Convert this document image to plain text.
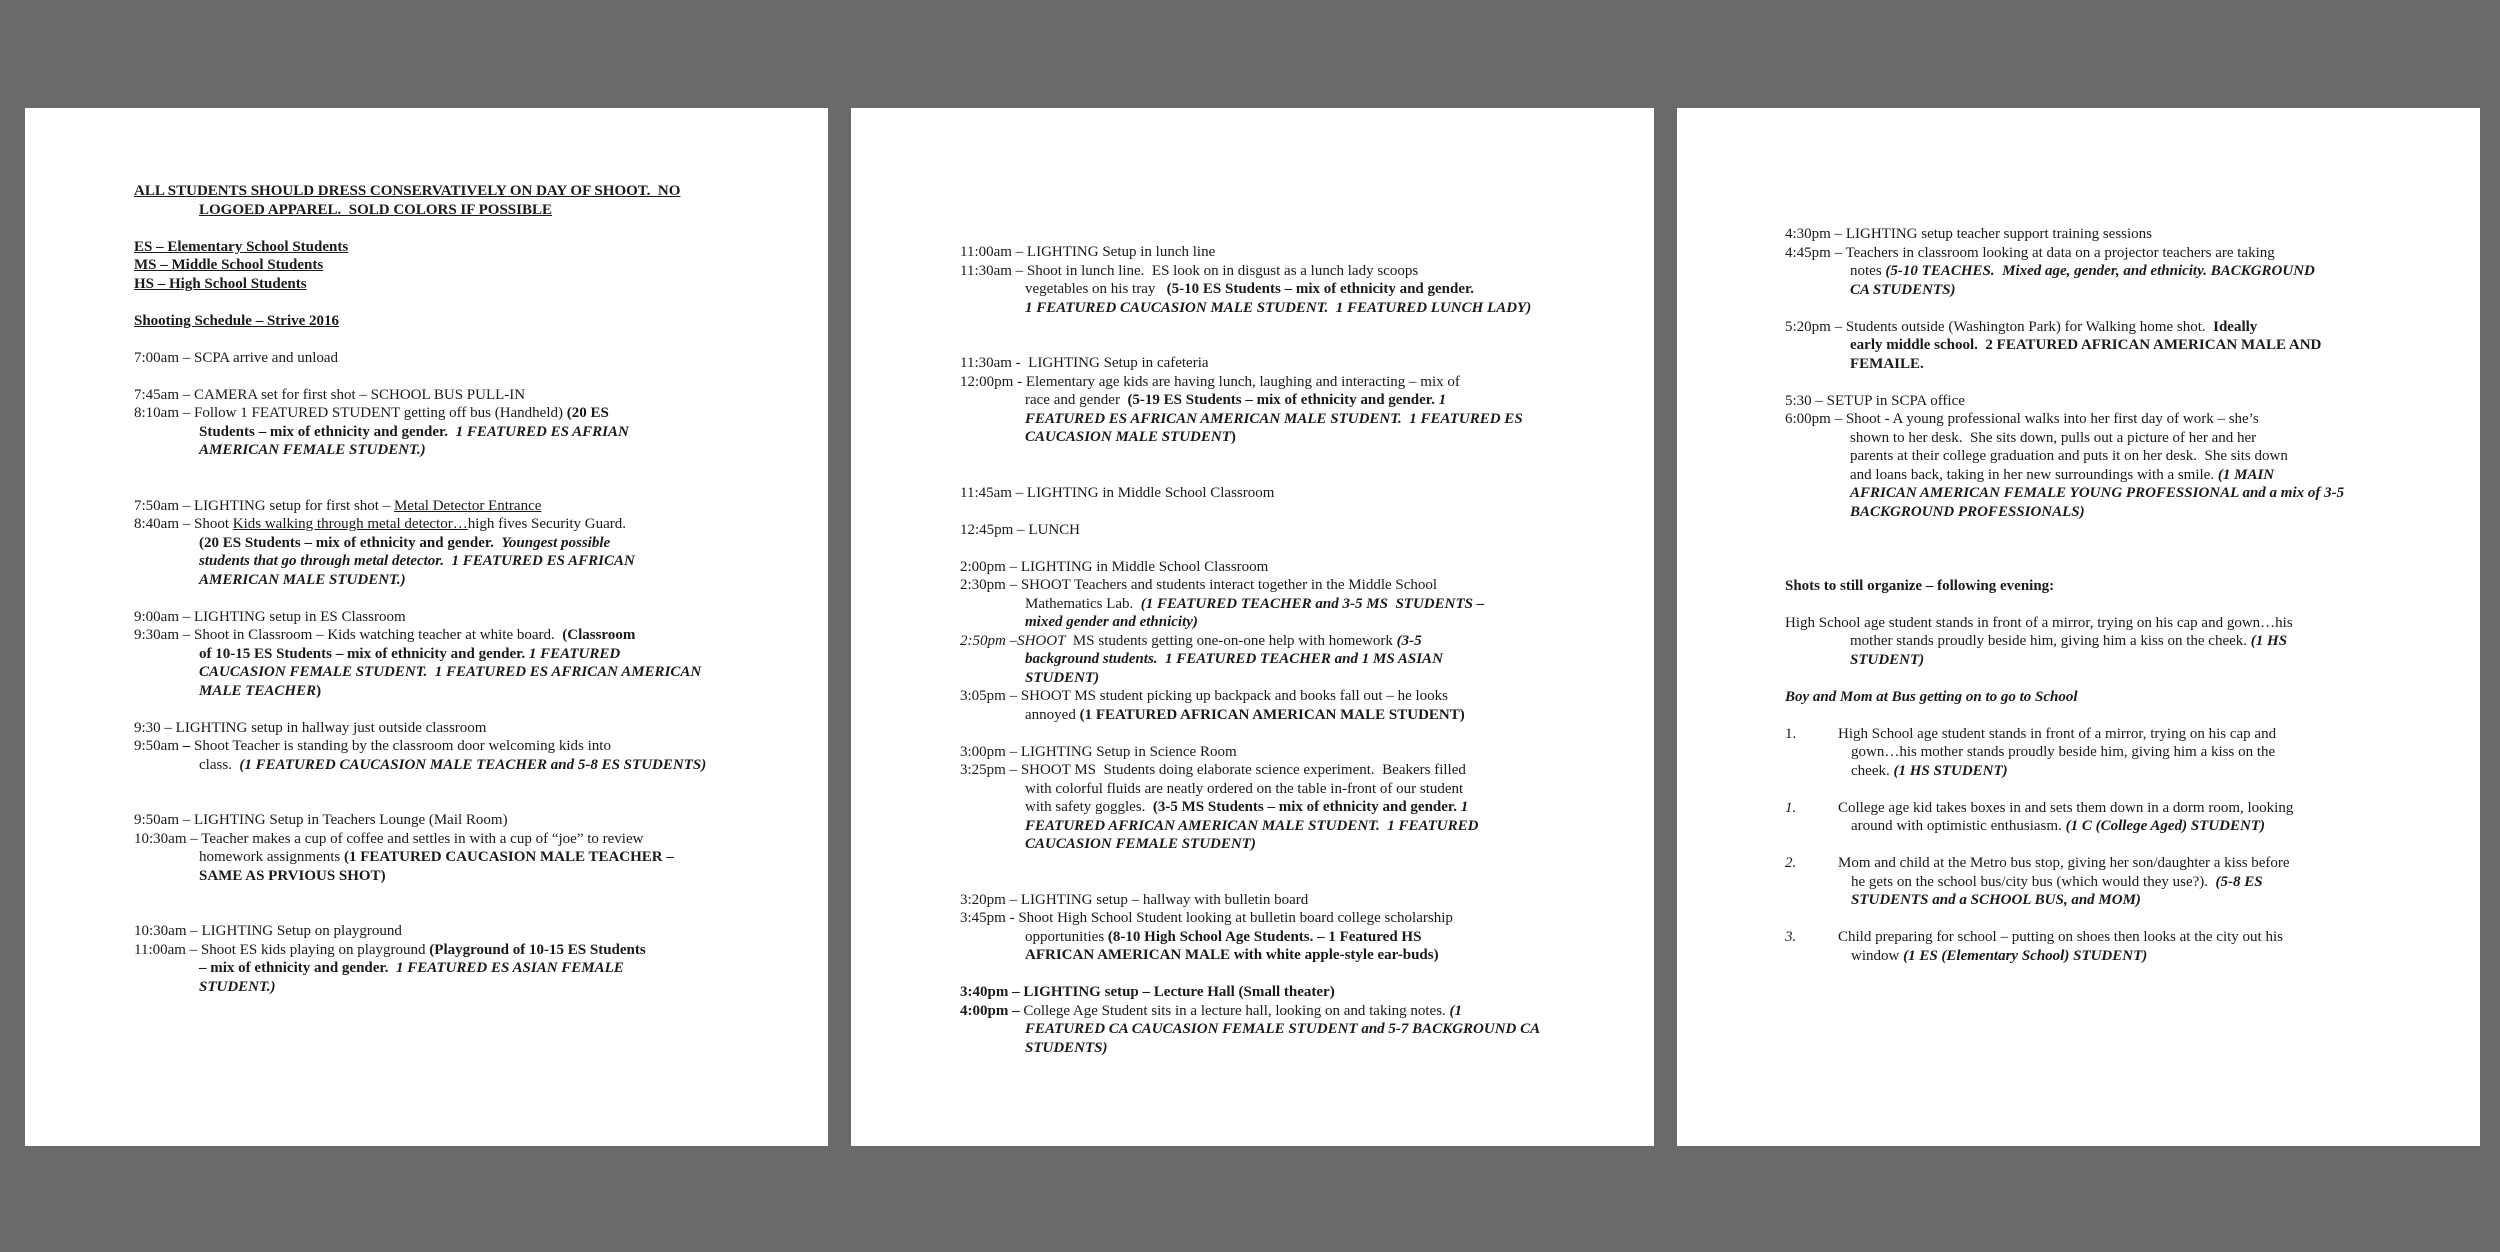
ALL STUDENTS SHOULD DRESS CONSERVATIVELY ON DAY OF SHOOT.  NO
LOGOED APPAREL.  SOLD COLORS IF POSSIBLE
ES – Elementary School Students
MS – Middle School Students
HS – High School Students
Shooting Schedule – Strive 2016
7:00am – SCPA arrive and unload
7:45am – CAMERA set for first shot – SCHOOL BUS PULL-IN
8:10am – Follow 1 FEATURED STUDENT getting off bus (Handheld) (20 ES
Students – mix of ethnicity and gender.  1 FEATURED ES AFRIAN
AMERICAN FEMALE STUDENT.)
7:50am – LIGHTING setup for first shot – Metal Detector Entrance
8:40am – Shoot Kids walking through metal detector…high fives Security Guard.
(20 ES Students – mix of ethnicity and gender.  Youngest possible
students that go through metal detector.  1 FEATURED ES AFRICAN
AMERICAN MALE STUDENT.)
9:00am – LIGHTING setup in ES Classroom
9:30am – Shoot in Classroom – Kids watching teacher at white board.  (Classroom
of 10-15 ES Students – mix of ethnicity and gender. 1 FEATURED
CAUCASION FEMALE STUDENT.  1 FEATURED ES AFRICAN AMERICAN
MALE TEACHER)
9:30 – LIGHTING setup in hallway just outside classroom
9:50am – Shoot Teacher is standing by the classroom door welcoming kids into
class.  (1 FEATURED CAUCASION MALE TEACHER and 5-8 ES STUDENTS)
9:50am – LIGHTING Setup in Teachers Lounge (Mail Room)
10:30am – Teacher makes a cup of coffee and settles in with a cup of “joe” to review
homework assignments (1 FEATURED CAUCASION MALE TEACHER –
SAME AS PRVIOUS SHOT)
10:30am – LIGHTING Setup on playground
11:00am – Shoot ES kids playing on playground (Playground of 10-15 ES Students
– mix of ethnicity and gender.  1 FEATURED ES ASIAN FEMALE
STUDENT.)
11:00am – LIGHTING Setup in lunch line
11:30am – Shoot in lunch line.  ES look on in disgust as a lunch lady scoops
vegetables on his tray   (5-10 ES Students – mix of ethnicity and gender.
1 FEATURED CAUCASION MALE STUDENT.  1 FEATURED LUNCH LADY)
11:30am -  LIGHTING Setup in cafeteria
12:00pm - Elementary age kids are having lunch, laughing and interacting – mix of
race and gender  (5-19 ES Students – mix of ethnicity and gender. 1
FEATURED ES AFRICAN AMERICAN MALE STUDENT.  1 FEATURED ES
CAUCASION MALE STUDENT)
11:45am – LIGHTING in Middle School Classroom
12:45pm – LUNCH
2:00pm – LIGHTING in Middle School Classroom
2:30pm – SHOOT Teachers and students interact together in the Middle School
Mathematics Lab.  (1 FEATURED TEACHER and 3-5 MS  STUDENTS –
mixed gender and ethnicity)
2:50pm –SHOOT  MS students getting one-on-one help with homework (3-5
background students.  1 FEATURED TEACHER and 1 MS ASIAN
STUDENT)
3:05pm – SHOOT MS student picking up backpack and books fall out – he looks
annoyed (1 FEATURED AFRICAN AMERICAN MALE STUDENT)
3:00pm – LIGHTING Setup in Science Room
3:25pm – SHOOT MS  Students doing elaborate science experiment.  Beakers filled
with colorful fluids are neatly ordered on the table in-front of our student
with safety goggles.  (3-5 MS Students – mix of ethnicity and gender. 1
FEATURED AFRICAN AMERICAN MALE STUDENT.  1 FEATURED
CAUCASION FEMALE STUDENT)
3:20pm – LIGHTING setup – hallway with bulletin board
3:45pm - Shoot High School Student looking at bulletin board college scholarship
opportunities (8-10 High School Age Students. – 1 Featured HS
AFRICAN AMERICAN MALE with white apple-style ear-buds)
3:40pm – LIGHTING setup – Lecture Hall (Small theater)
4:00pm – College Age Student sits in a lecture hall, looking on and taking notes. (1
FEATURED CA CAUCASION FEMALE STUDENT and 5-7 BACKGROUND CA
STUDENTS)
4:30pm – LIGHTING setup teacher support training sessions
4:45pm – Teachers in classroom looking at data on a projector teachers are taking
notes (5-10 TEACHES.  Mixed age, gender, and ethnicity. BACKGROUND
CA STUDENTS)
5:20pm – Students outside (Washington Park) for Walking home shot.  Ideally
early middle school.  2 FEATURED AFRICAN AMERICAN MALE AND
FEMAILE.
5:30 – SETUP in SCPA office
6:00pm – Shoot - A young professional walks into her first day of work – she’s
shown to her desk.  She sits down, pulls out a picture of her and her
parents at their college graduation and puts it on her desk.  She sits down
and loans back, taking in her new surroundings with a smile. (1 MAIN
AFRICAN AMERICAN FEMALE YOUNG PROFESSIONAL and a mix of 3-5
BACKGROUND PROFESSIONALS)
Shots to still organize – following evening:
High School age student stands in front of a mirror, trying on his cap and gown…his
mother stands proudly beside him, giving him a kiss on the cheek. (1 HS
STUDENT)
Boy and Mom at Bus getting on to go to School
1.	High School age student stands in front of a mirror, trying on his cap and
gown…his mother stands proudly beside him, giving him a kiss on the
cheek. (1 HS STUDENT)
1.	College age kid takes boxes in and sets them down in a dorm room, looking
around with optimistic enthusiasm. (1 C (College Aged) STUDENT)
2.	Mom and child at the Metro bus stop, giving her son/daughter a kiss before
he gets on the school bus/city bus (which would they use?).  (5-8 ES
STUDENTS and a SCHOOL BUS, and MOM)
3.	Child preparing for school – putting on shoes then looks at the city out his
window (1 ES (Elementary School) STUDENT)
